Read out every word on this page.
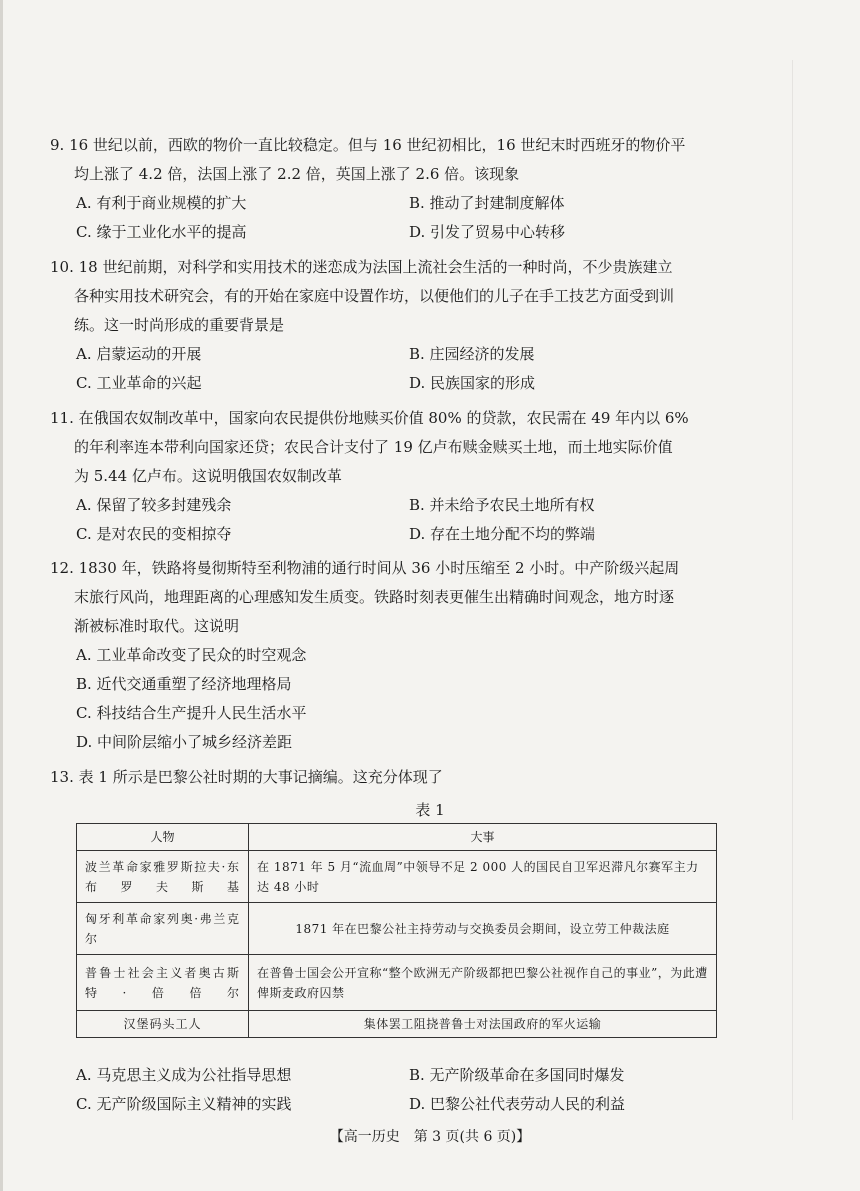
9. 16 世纪以前，西欧的物价一直比较稳定。但与 16 世纪初相比，16 世纪末时西班牙的物价平
均上涨了 4.2 倍，法国上涨了 2.2 倍，英国上涨了 2.6 倍。该现象
A. 有利于商业规模的扩大	B. 推动了封建制度解体
C. 缘于工业化水平的提高	D. 引发了贸易中心转移
10. 18 世纪前期，对科学和实用技术的迷恋成为法国上流社会生活的一种时尚，不少贵族建立
各种实用技术研究会，有的开始在家庭中设置作坊，以便他们的儿子在手工技艺方面受到训
练。这一时尚形成的重要背景是
A. 启蒙运动的开展	B. 庄园经济的发展
C. 工业革命的兴起	D. 民族国家的形成
11. 在俄国农奴制改革中，国家向农民提供份地赎买价值 80% 的贷款，农民需在 49 年内以 6%
的年利率连本带利向国家还贷；农民合计支付了 19 亿卢布赎金赎买土地，而土地实际价值
为 5.44 亿卢布。这说明俄国农奴制改革
A. 保留了较多封建残余	B. 并未给予农民土地所有权
C. 是对农民的变相掠夺	D. 存在土地分配不均的弊端
12. 1830 年，铁路将曼彻斯特至利物浦的通行时间从 36 小时压缩至 2 小时。中产阶级兴起周
末旅行风尚，地理距离的心理感知发生质变。铁路时刻表更催生出精确时间观念，地方时逐
渐被标准时取代。这说明
A. 工业革命改变了民众的时空观念
B. 近代交通重塑了经济地理格局
C. 科技结合生产提升人民生活水平
D. 中间阶层缩小了城乡经济差距
13. 表 1 所示是巴黎公社时期的大事记摘编。这充分体现了
表 1
人物	大事
波兰革命家雅罗斯拉夫·东布罗夫斯基	在 1871 年 5 月“流血周”中领导不足 2 000 人的国民自卫军迟滞凡尔赛军主力达 48 小时
匈牙利革命家列奥·弗兰克尔	1871 年在巴黎公社主持劳动与交换委员会期间，设立劳工仲裁法庭
普鲁士社会主义者奥古斯特·倍倍尔	在普鲁士国会公开宣称“整个欧洲无产阶级都把巴黎公社视作自己的事业”，为此遭俾斯麦政府囚禁
汉堡码头工人	集体罢工阻挠普鲁士对法国政府的军火运输
A. 马克思主义成为公社指导思想	B. 无产阶级革命在多国同时爆发
C. 无产阶级国际主义精神的实践	D. 巴黎公社代表劳动人民的利益
【高一历史　第 3 页(共 6 页)】
